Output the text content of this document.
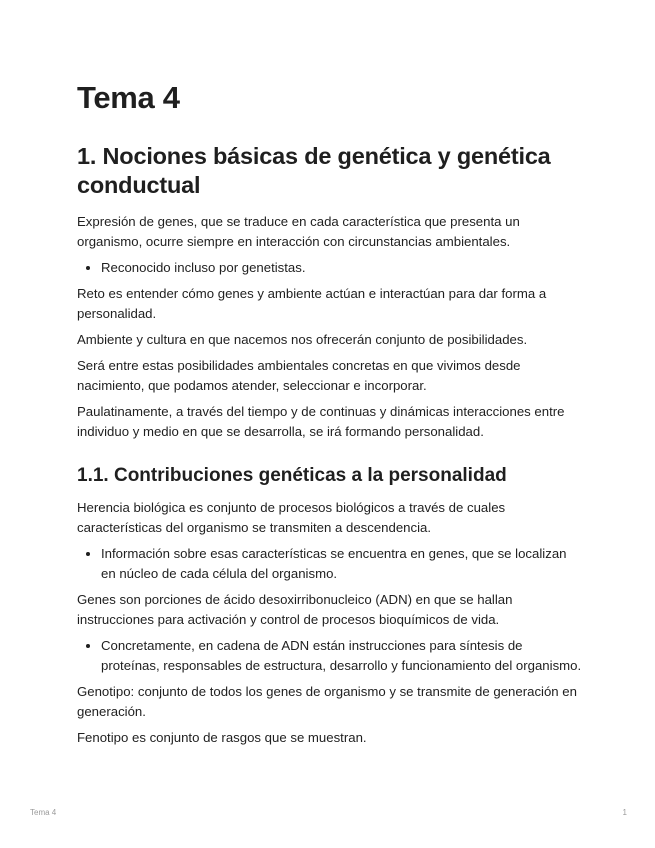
Tema 4
1. Nociones básicas de genética y genética conductual

Expresión de genes, que se traduce en cada característica que presenta un organismo, ocurre siempre en interacción con circunstancias ambientales.

• Reconocido incluso por genetistas.

Reto es entender cómo genes y ambiente actúan e interactúan para dar forma a personalidad.

Ambiente y cultura en que nacemos nos ofrecerán conjunto de posibilidades.

Será entre estas posibilidades ambientales concretas en que vivimos desde nacimiento, que podamos atender, seleccionar e incorporar.

Paulatinamente, a través del tiempo y de continuas y dinámicas interacciones entre individuo y medio en que se desarrolla, se irá formando personalidad.

1.1. Contribuciones genéticas a la personalidad

Herencia biológica es conjunto de procesos biológicos a través de cuales características del organismo se transmiten a descendencia.

• Información sobre esas características se encuentra en genes, que se localizan en núcleo de cada célula del organismo.

Genes son porciones de ácido desoxirribonucleico (ADN) en que se hallan instrucciones para activación y control de procesos bioquímicos de vida.

• Concretamente, en cadena de ADN están instrucciones para síntesis de proteínas, responsables de estructura, desarrollo y funcionamiento del organismo.

Genotipo: conjunto de todos los genes de organismo y se transmite de generación en generación.

Fenotipo es conjunto de rasgos que se muestran.

Tema 4	1
